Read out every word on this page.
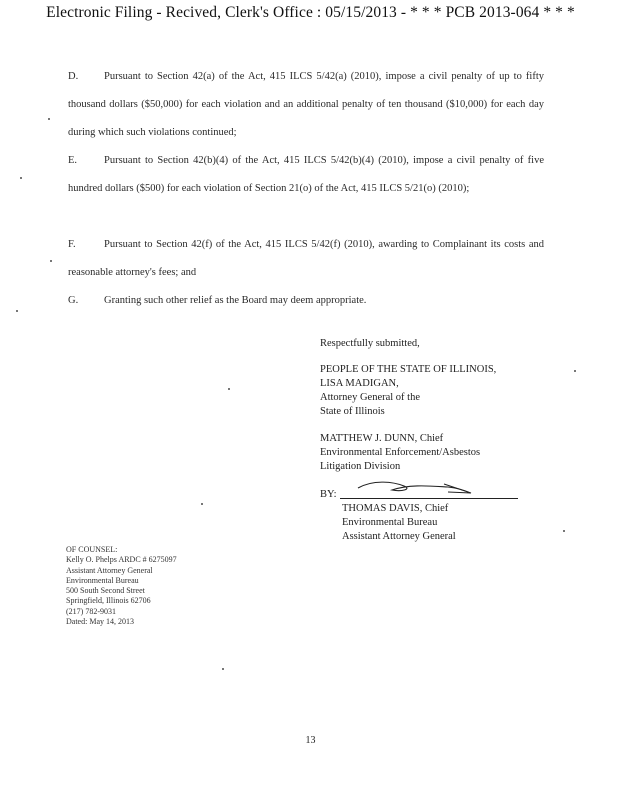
Electronic Filing - Recived, Clerk's Office : 05/15/2013 - * * * PCB 2013-064 * * *
D. Pursuant to Section 42(a) of the Act, 415 ILCS 5/42(a) (2010), impose a civil penalty of up to fifty thousand dollars ($50,000) for each violation and an additional penalty of ten thousand ($10,000) for each day during which such violations continued;
E.	Pursuant to Section 42(b)(4) of the Act, 415 ILCS 5/42(b)(4) (2010), impose a civil penalty of five hundred dollars ($500) for each violation of Section 21(o) of the Act, 415 ILCS 5/21(o) (2010);
F.	Pursuant to Section 42(f) of the Act, 415 ILCS 5/42(f) (2010), awarding to Complainant its costs and reasonable attorney's fees; and
G. Granting such other relief as the Board may deem appropriate.
Respectfully submitted,
PEOPLE OF THE STATE OF ILLINOIS,
LISA MADIGAN,
Attorney General of the
State of Illinois
MATTHEW J. DUNN, Chief
Environmental Enforcement/Asbestos
Litigation Division
BY:
THOMAS DAVIS, Chief
Environmental Bureau
Assistant Attorney General
OF COUNSEL:
Kelly O. Phelps ARDC # 6275097
Assistant Attorney General
Environmental Bureau
500 South Second Street
Springfield, Illinois 62706
(217) 782-9031
Dated: May 14, 2013
13
